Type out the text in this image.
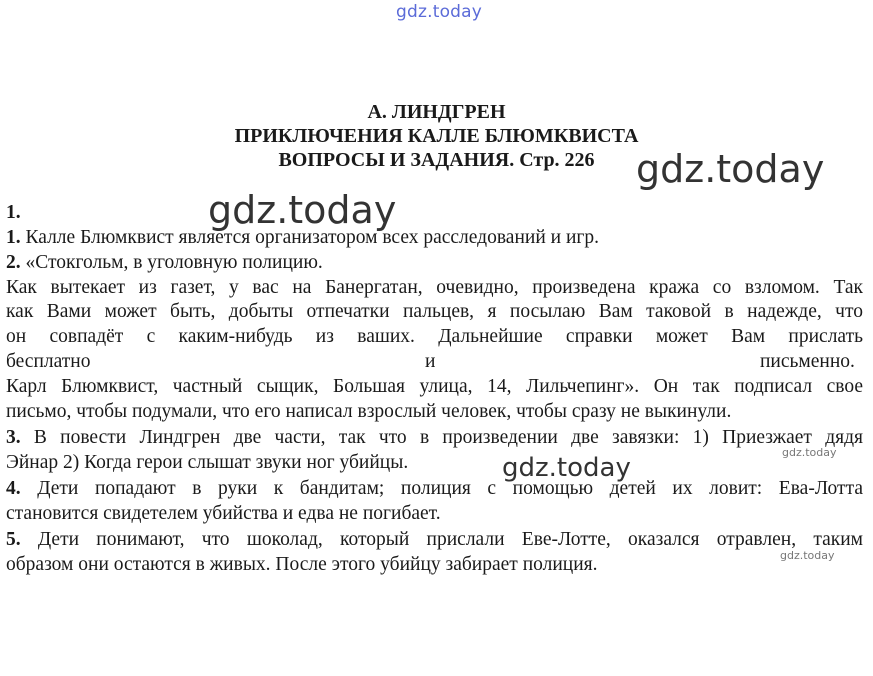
gdz.today
gdz.today
gdz.today
gdz.today
gdz.today
gdz.today
А. ЛИНДГРЕН
ПРИКЛЮЧЕНИЯ КАЛЛЕ БЛЮМКВИСТА
ВОПРОСЫ И ЗАДАНИЯ. Стр. 226
1.
1. Калле Блюмквист является организатором всех расследований и игр.
2. «Стокгольм, в уголовную полицию.
Как вытекает из газет, у вас на Банергатан, очевидно, произведена кража со взломом. Так
как Вами может быть, добыты отпечатки пальцев, я посылаю Вам таковой в надежде, что
он совпадёт с каким-нибудь из ваших. Дальнейшие справки может Вам прислать
бесплатно	и	письменно.
Карл Блюмквист, частный сыщик, Большая улица, 14, Лильчепинг». Он так подписал свое
письмо, чтобы подумали, что его написал взрослый человек, чтобы сразу не выкинули.
3. В повести Линдгрен две части, так что в произведении две завязки: 1) Приезжает дядя
Эйнар 2) Когда герои слышат звуки ног убийцы.
4. Дети попадают в руки к бандитам; полиция с помощью детей их ловит: Ева-Лотта
становится свидетелем убийства и едва не погибает.
5. Дети понимают, что шоколад, который прислали Еве-Лотте, оказался отравлен, таким
образом они остаются в живых. После этого убийцу забирает полиция.
